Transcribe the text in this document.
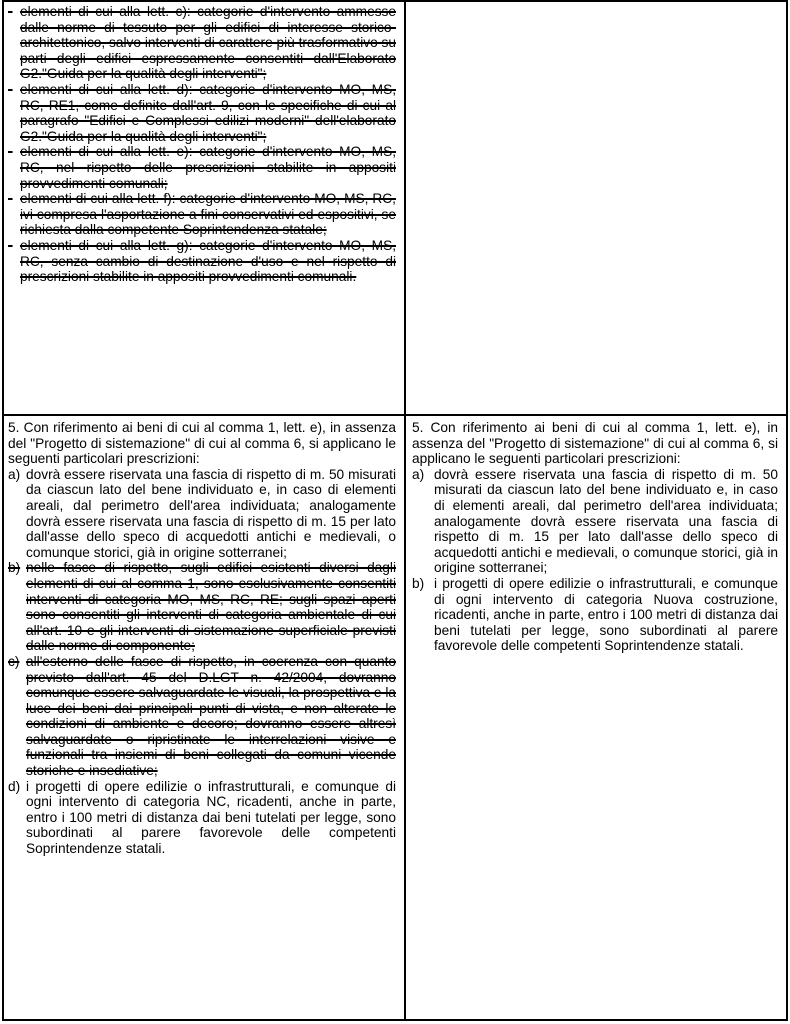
- elementi di cui alla lett. c): categorie d'intervento ammesse dalle norme di tessuto per gli edifici di interesse storico-architettonico, salvo interventi di carattere più trasformativo su parti degli edifici espressamente consentiti dall'Elaborato G2."Guida per la qualità degli interventi";

- elementi di cui alla lett. d): categorie d'intervento MO, MS, RC, RE1, come definite dall'art. 9, con le specifiche di cui al paragrafo "Edifici e Complessi edilizi moderni" dell'elaborato G2."Guida per la qualità degli interventi";

- elementi di cui alla lett. e): categorie d'intervento MO, MS, RC, nel rispetto delle prescrizioni stabilite in appositi provvedimenti comunali;

- elementi di cui alla lett. f): categorie d'intervento MO, MS, RC, ivi compresa l'asportazione a fini conservativi ed espositivi, se richiesta dalla competente Soprintendenza statale;

- elementi di cui alla lett. g): categorie d'intervento MO, MS, RC, senza cambio di destinazione d'uso e nel rispetto di prescrizioni stabilite in appositi provvedimenti comunali.

5. Con riferimento ai beni di cui al comma 1, lett. e), in assenza del "Progetto di sistemazione" di cui al comma 6, si applicano le seguenti particolari prescrizioni:

a) dovrà essere riservata una fascia di rispetto di m. 50 misurati da ciascun lato del bene individuato e, in caso di elementi areali, dal perimetro dell'area individuata; analogamente dovrà essere riservata una fascia di rispetto di m. 15 per lato dall'asse dello speco di acquedotti antichi e medievali, o comunque storici, già in origine sotterranei;

b) nelle fasce di rispetto, sugli edifici esistenti diversi dagli elementi di cui al comma 1, sono esclusivamente consentiti interventi di categoria MO, MS, RC, RE; sugli spazi aperti sono consentiti gli interventi di categoria ambientale di cui all'art. 10 e gli interventi di sistemazione superficiale previsti dalle norme di componente;

c) all'esterno delle fasce di rispetto, in coerenza con quanto previsto dall'art. 45 del D.LGT n. 42/2004, dovranno comunque essere salvaguardate le visuali, la prospettiva e la luce dei beni dai principali punti di vista, e non alterate le condizioni di ambiente e decoro; dovranno essere altresì salvaguardate o ripristinate le interrelazioni visive e funzionali tra insiemi di beni collegati da comuni vicende storiche e insediative;

d) i progetti di opere edilizie o infrastrutturali, e comunque di ogni intervento di categoria NC, ricadenti, anche in parte, entro i 100 metri di distanza dai beni tutelati per legge, sono subordinati al parere favorevole delle competenti Soprintendenze statali.

5. Con riferimento ai beni di cui al comma 1, lett. e), in assenza del "Progetto di sistemazione" di cui al comma 6, si applicano le seguenti particolari prescrizioni:

a) dovrà essere riservata una fascia di rispetto di m. 50 misurati da ciascun lato del bene individuato e, in caso di elementi areali, dal perimetro dell'area individuata; analogamente dovrà essere riservata una fascia di rispetto di m. 15 per lato dall'asse dello speco di acquedotti antichi e medievali, o comunque storici, già in origine sotterranei;

b) i progetti di opere edilizie o infrastrutturali, e comunque di ogni intervento di categoria Nuova costruzione, ricadenti, anche in parte, entro i 100 metri di distanza dai beni tutelati per legge, sono subordinati al parere favorevole delle competenti Soprintendenze statali.
